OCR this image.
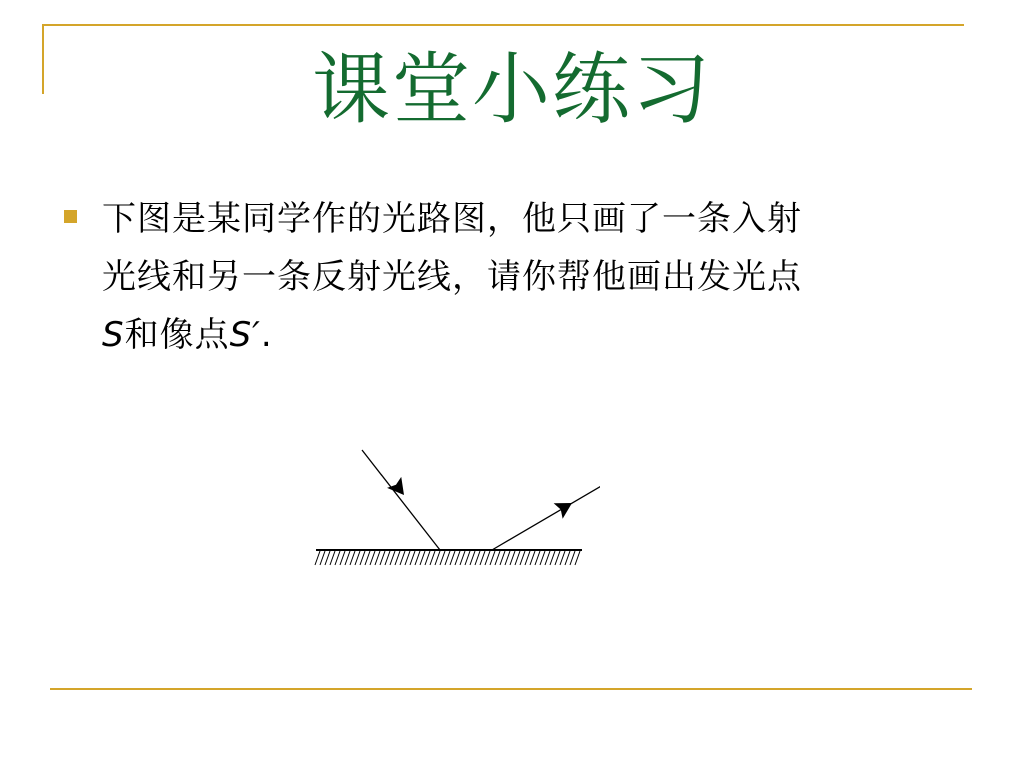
课堂小练习
下图是某同学作的光路图，他只画了一条入射
光线和另一条反射光线，请你帮他画出发光点
S和像点S′.
